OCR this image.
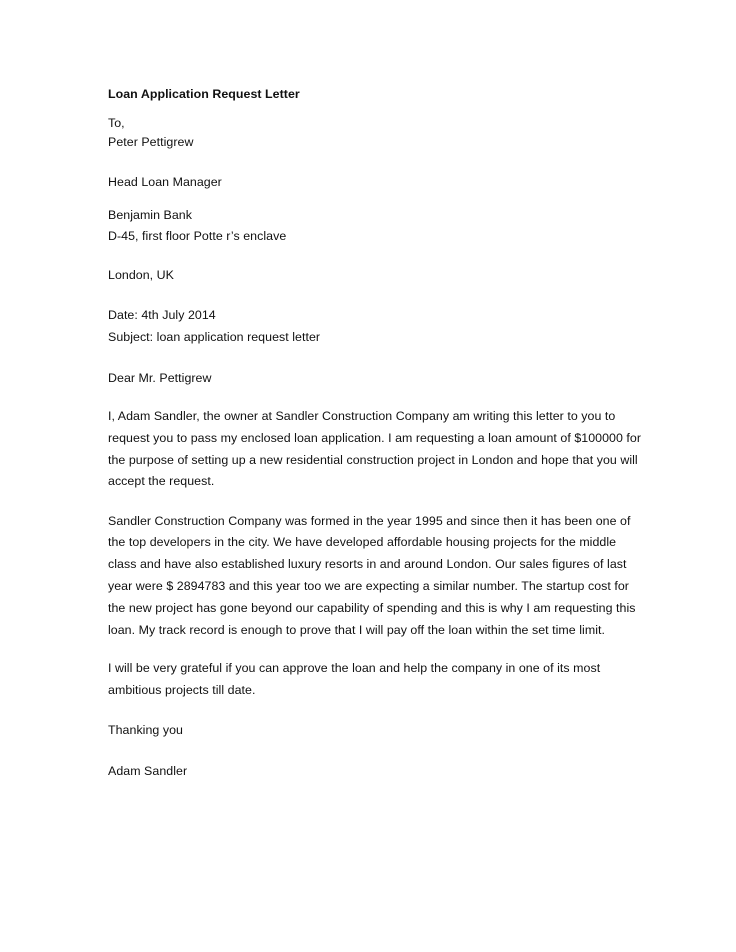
Loan Application Request Letter
To,
Peter Pettigrew
Head Loan Manager
Benjamin Bank
D-45, first floor Potte r’s enclave
London, UK
Date: 4th July 2014
Subject: loan application request letter
Dear Mr. Pettigrew
I, Adam Sandler, the owner at Sandler Construction Company am writing this letter to you to
request you to pass my enclosed loan application. I am requesting a loan amount of $100000 for
the purpose of setting up a new residential construction project in London and hope that you will
accept the request.
Sandler Construction Company was formed in the year 1995 and since then it has been one of
the top developers in the city. We have developed affordable housing projects for the middle
class and have also established luxury resorts in and around London. Our sales figures of last
year were $ 2894783 and this year too we are expecting a similar number. The startup cost for
the new project has gone beyond our capability of spending and this is why I am requesting this
loan. My track record is enough to prove that I will pay off the loan within the set time limit.
I will be very grateful if you can approve the loan and help the company in one of its most
ambitious projects till date.
Thanking you
Adam Sandler
